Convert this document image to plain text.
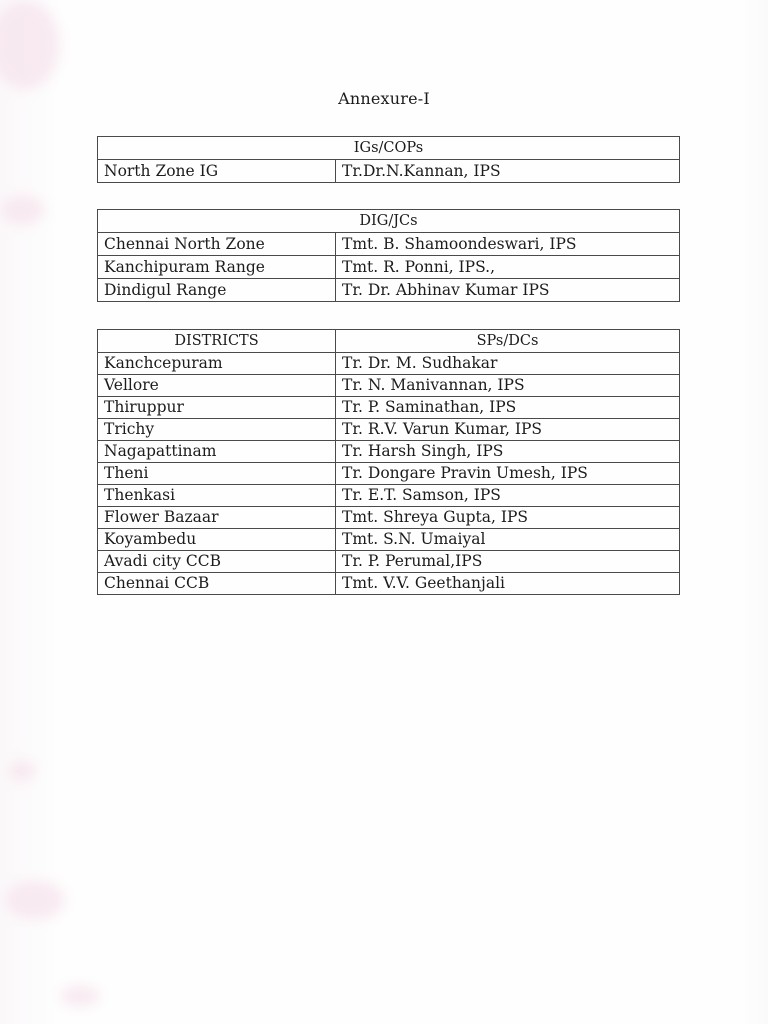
Annexure-I
IGs/COPs
North Zone IG	Tr.Dr.N.Kannan, IPS
DIG/JCs	
Chennai North Zone	Tmt. B. Shamoondeswari, IPS
Kanchipuram Range	Tmt. R. Ponni, IPS.,
Dindigul Range	Tr. Dr. Abhinav Kumar IPS
DISTRICTS	SPs/DCs
Kanchcepuram	Tr. Dr. M. Sudhakar
Vellore	Tr. N. Manivannan, IPS
Thiruppur	Tr. P. Saminathan, IPS
Trichy	Tr. R.V. Varun Kumar, IPS
Nagapattinam	Tr. Harsh Singh, IPS
Theni	Tr. Dongare Pravin Umesh, IPS
Thenkasi	Tr. E.T. Samson, IPS
Flower Bazaar	Tmt. Shreya Gupta, IPS
Koyambedu	Tmt. S.N. Umaiyal
Avadi city CCB	Tr. P. Perumal,IPS
Chennai CCB	Tmt. V.V. Geethanjali
